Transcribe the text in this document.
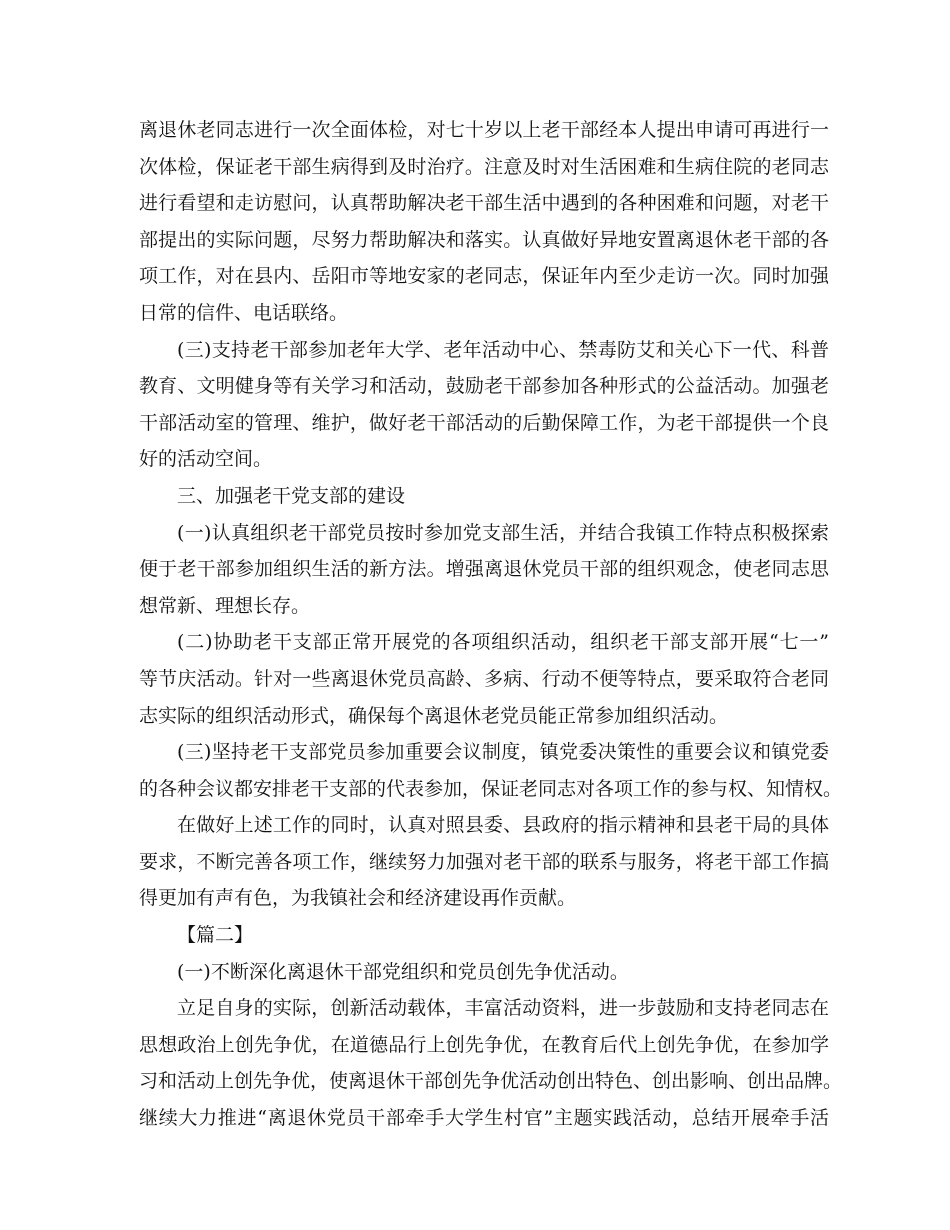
离退休老同志进行一次全面体检，对七十岁以上老干部经本人提出申请可再进行一
次体检，保证老干部生病得到及时治疗。注意及时对生活困难和生病住院的老同志
进行看望和走访慰问，认真帮助解决老干部生活中遇到的各种困难和问题，对老干
部提出的实际问题，尽努力帮助解决和落实。认真做好异地安置离退休老干部的各
项工作，对在县内、岳阳市等地安家的老同志，保证年内至少走访一次。同时加强
日常的信件、电话联络。
(三)支持老干部参加老年大学、老年活动中心、禁毒防艾和关心下一代、科普
教育、文明健身等有关学习和活动，鼓励老干部参加各种形式的公益活动。加强老
干部活动室的管理、维护，做好老干部活动的后勤保障工作，为老干部提供一个良
好的活动空间。
三、加强老干党支部的建设
(一)认真组织老干部党员按时参加党支部生活，并结合我镇工作特点积极探索
便于老干部参加组织生活的新方法。增强离退休党员干部的组织观念，使老同志思
想常新、理想长存。
(二)协助老干支部正常开展党的各项组织活动，组织老干部支部开展“七一”
等节庆活动。针对一些离退休党员高龄、多病、行动不便等特点，要采取符合老同
志实际的组织活动形式，确保每个离退休老党员能正常参加组织活动。
(三)坚持老干支部党员参加重要会议制度，镇党委决策性的重要会议和镇党委
的各种会议都安排老干支部的代表参加，保证老同志对各项工作的参与权、知情权。
在做好上述工作的同时，认真对照县委、县政府的指示精神和县老干局的具体
要求，不断完善各项工作，继续努力加强对老干部的联系与服务，将老干部工作搞
得更加有声有色，为我镇社会和经济建设再作贡献。
【篇二】
(一)不断深化离退休干部党组织和党员创先争优活动。
立足自身的实际，创新活动载体，丰富活动资料，进一步鼓励和支持老同志在
思想政治上创先争优，在道德品行上创先争优，在教育后代上创先争优，在参加学
习和活动上创先争优，使离退休干部创先争优活动创出特色、创出影响、创出品牌。
继续大力推进“离退休党员干部牵手大学生村官”主题实践活动，总结开展牵手活
